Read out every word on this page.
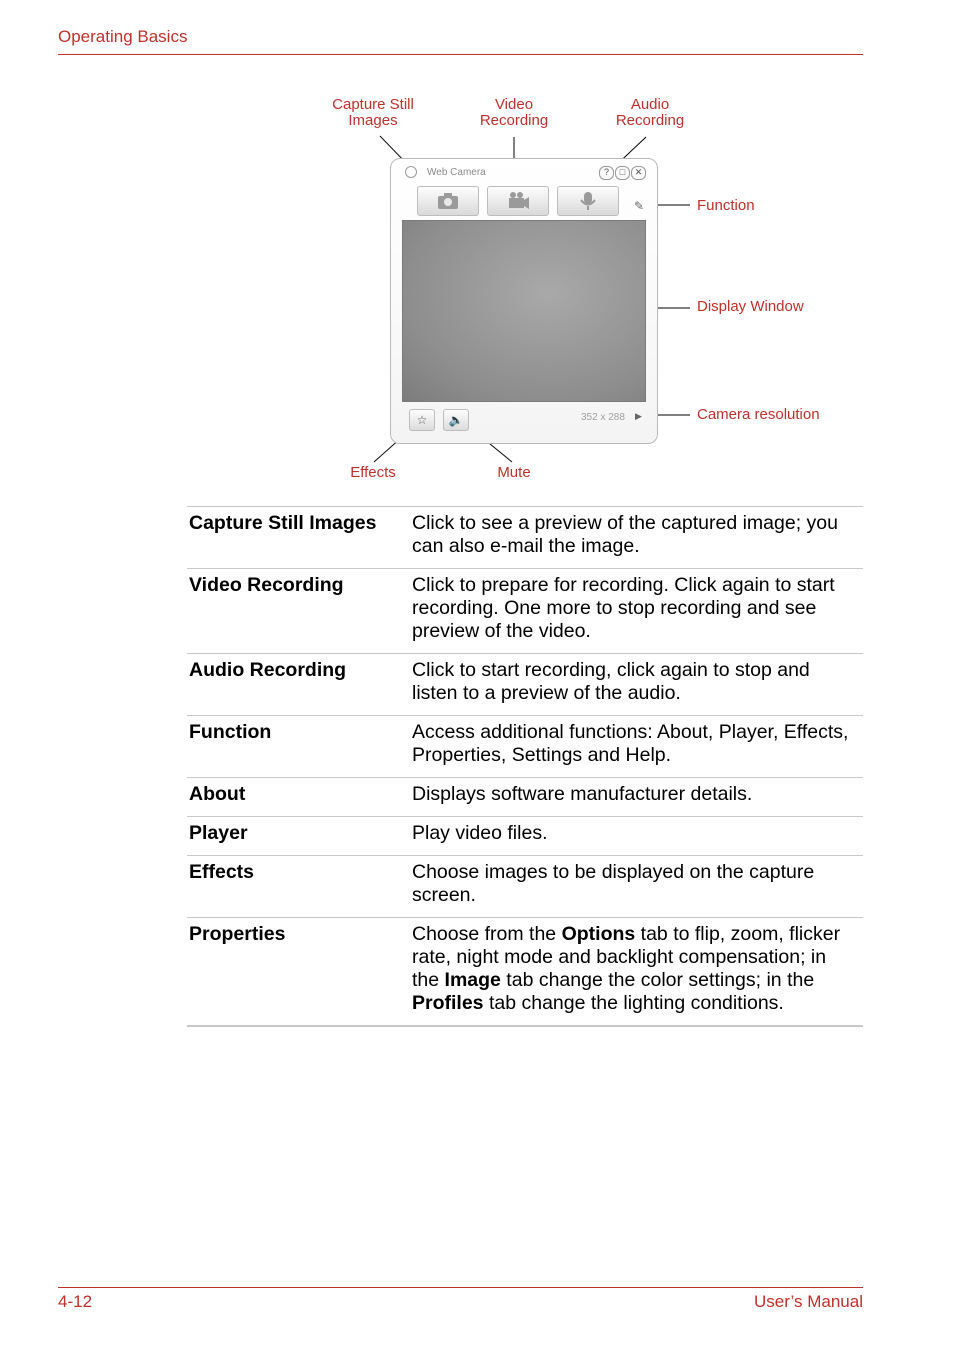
Operating Basics
Capture Still
Images
Video
Recording
Audio
Recording
Function
Display Window
Camera resolution
Effects	Mute
Web Camera	?	□	✕
✎
☆	🔈	352 x 288 ▶
Capture Still Images	Click to see a preview of the captured image; you can also e-mail the image.
Video Recording	Click to prepare for recording. Click again to start recording. One more to stop recording and see preview of the video.
Audio Recording	Click to start recording, click again to stop and listen to a preview of the audio.
Function	Access additional functions: About, Player, Effects, Properties, Settings and Help.
About	Displays software manufacturer details.
Player	Play video files.
Effects	Choose images to be displayed on the capture screen.
Properties	Choose from the Options tab to flip, zoom, flicker rate, night mode and backlight compensation; in the Image tab change the color settings; in the Profiles tab change the lighting conditions.
4-12	User’s Manual
